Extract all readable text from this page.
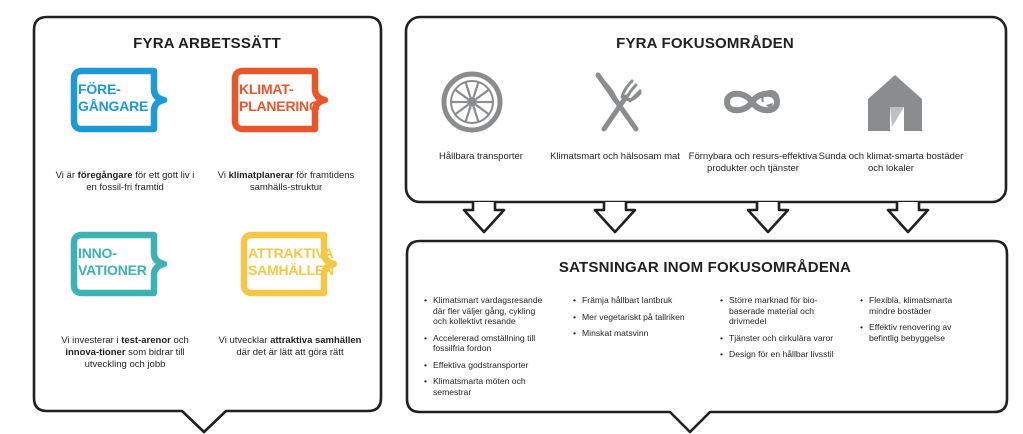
FYRA ARBETSSÄTT
FÖRE-
GÅNGARE
Vi är föregångare för ett gott liv i en fossil-fri framtid
KLIMAT-
PLANERING
Vi klimatplanerar för framtidens samhälls-struktur
INNO-
VATIONER
Vi investerar i test-arenor och innova-tioner som bidrar till utveckling och jobb
ATTRAKTIVA
SAMHÄLLEN
Vi utvecklar attraktiva samhällen där det är lätt att göra rätt
FYRA FOKUSOMRÅDEN
Hållbara transporter	Klimatsmart och hälsosam mat Förnybara och resurs-effektiva produkter och tjänster
Sunda och klimat-smarta bostäder och lokaler
SATSNINGAR INOM FOKUSOMRÅDENA
• Klimatsmart vardagsresande där fler väljer gång, cykling och kollektivt resande
• Accelererad omställning till fossilfria fordon
• Effektiva godstransporter
• Klimatsmarta möten och semestrar
• Främja hållbart lantbruk
• Mer vegetariskt på tallriken
• Minskat matsvinn
• Större marknad för bio-baserade material och drivmedel
• Tjänster och cirkulära varor
• Design för en hållbar livsstil
• Flexibla, klimatsmarta mindre bostäder
• Effektiv renovering av befintlig bebyggelse
